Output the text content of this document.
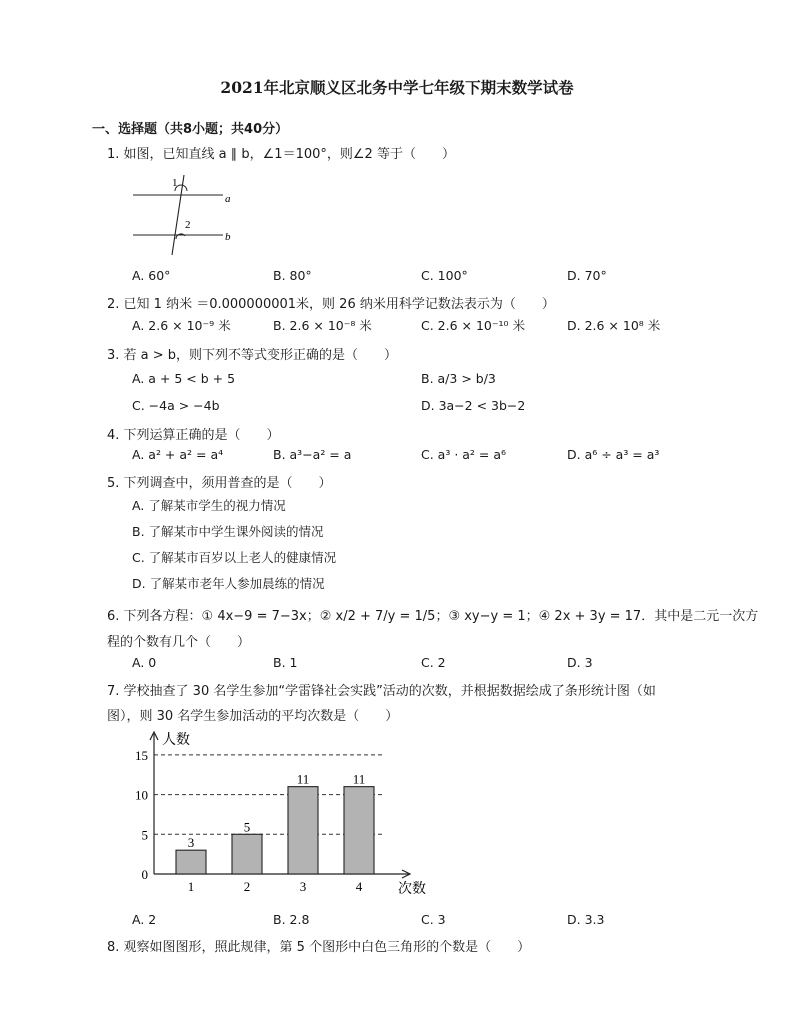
2021年北京顺义区北务中学七年级下期末数学试卷
一、选择题（共8小题；共40分）
1. 如图，已知直线 a ∥ b，∠1＝100°，则∠2 等于（　　）
1
2
a
b
A. 60°	B. 80°	C. 100°	D. 70°
2. 已知 1 纳米 ＝0.000000001米，则 26 纳米用科学记数法表示为（　　）
A. 2.6 × 10⁻⁹ 米	B. 2.6 × 10⁻⁸ 米	C. 2.6 × 10⁻¹⁰ 米	D. 2.6 × 10⁸ 米
3. 若 a > b，则下列不等式变形正确的是（　　）
A. a + 5 < b + 5	B. a/3 > b/3
C. −4a > −4b	D. 3a−2 < 3b−2
4. 下列运算正确的是（　　）
A. a² + a² = a⁴	B. a³−a² = a	C. a³ · a² = a⁶	D. a⁶ ÷ a³ = a³
5. 下列调查中，须用普查的是（　　）
A. 了解某市学生的视力情况
B. 了解某市中学生课外阅读的情况
C. 了解某市百岁以上老人的健康情况
D. 了解某市老年人参加晨练的情况
6. 下列各方程：① 4x−9 = 7−3x；② x/2 + 7/y = 1/5；③ xy−y = 1；④ 2x + 3y = 17．其中是二元一次方
程的个数有几个（　　）
A. 0	B. 1	C. 2	D. 3
7. 学校抽查了 30 名学生参加“学雷锋社会实践”活动的次数，并根据数据绘成了条形统计图（如
图），则 30 名学生参加活动的平均次数是（　　）
人数
次数
0
5
10
15
3
1
5
2
11
3
11
4
A. 2	B. 2.8	C. 3	D. 3.3
8. 观察如图图形，照此规律，第 5 个图形中白色三角形的个数是（　　）
